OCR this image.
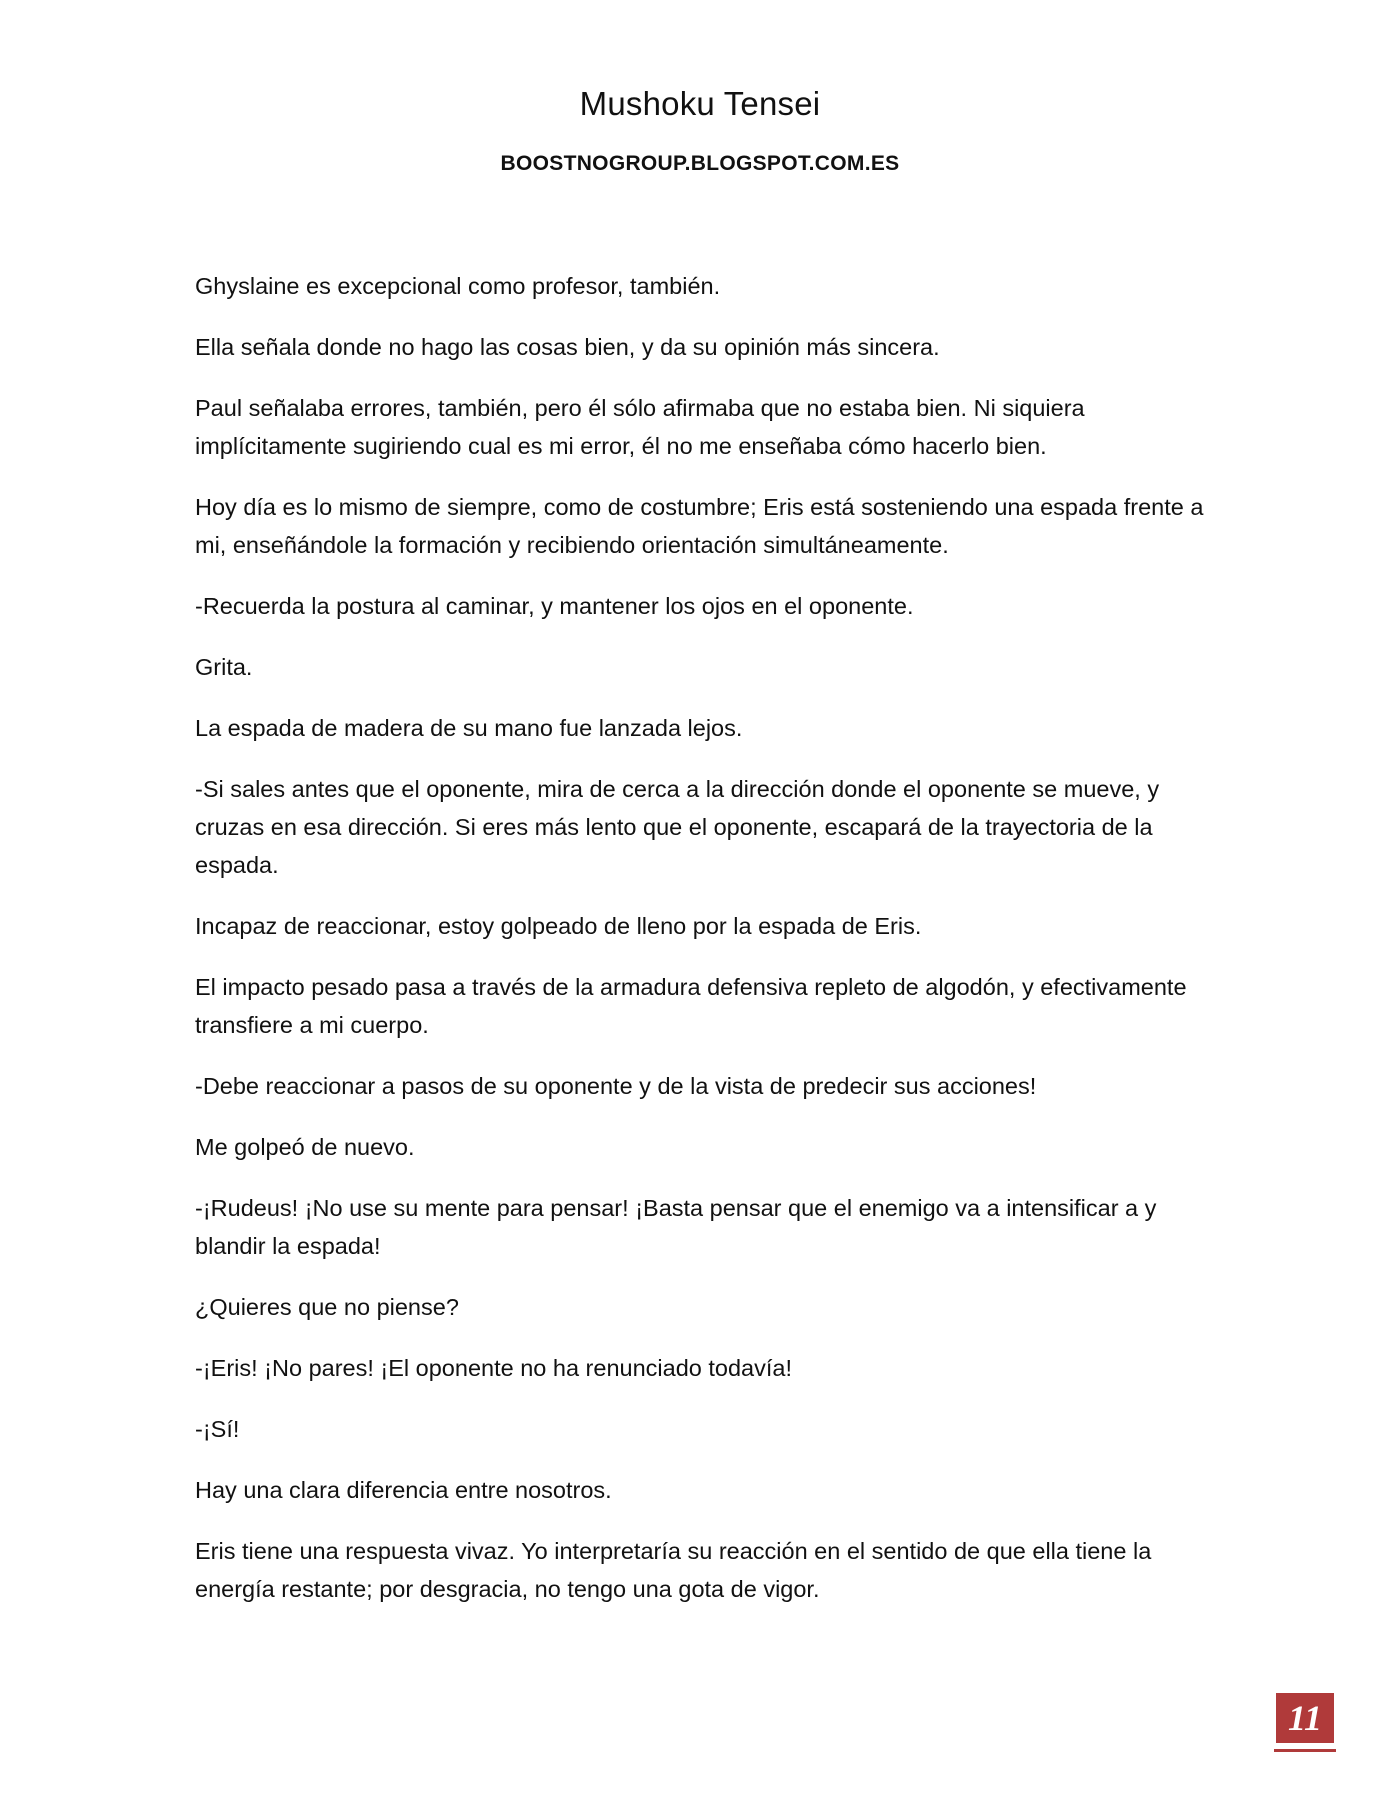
Mushoku Tensei
BOOSTNOGROUP.BLOGSPOT.COM.ES

Ghyslaine es excepcional como profesor, también.

Ella señala donde no hago las cosas bien, y da su opinión más sincera.

Paul señalaba errores, también, pero él sólo afirmaba que no estaba bien. Ni siquiera implícitamente sugiriendo cual es mi error, él no me enseñaba cómo hacerlo bien.

Hoy día es lo mismo de siempre, como de costumbre; Eris está sosteniendo una espada frente a mi, enseñándole la formación y recibiendo orientación simultáneamente.

-Recuerda la postura al caminar, y mantener los ojos en el oponente.

Grita.

La espada de madera de su mano fue lanzada lejos.

-Si sales antes que el oponente, mira de cerca a la dirección donde el oponente se mueve, y cruzas en esa dirección. Si eres más lento que el oponente, escapará de la trayectoria de la espada.

Incapaz de reaccionar, estoy golpeado de lleno por la espada de Eris.

El impacto pesado pasa a través de la armadura defensiva repleto de algodón, y efectivamente transfiere a mi cuerpo.

-Debe reaccionar a pasos de su oponente y de la vista de predecir sus acciones!

Me golpeó de nuevo.

-¡Rudeus! ¡No use su mente para pensar! ¡Basta pensar que el enemigo va a intensificar a y blandir la espada!

¿Quieres que no piense?

-¡Eris! ¡No pares! ¡El oponente no ha renunciado todavía!

-¡Sí!

Hay una clara diferencia entre nosotros.

Eris tiene una respuesta vivaz. Yo interpretaría su reacción en el sentido de que ella tiene la energía restante; por desgracia, no tengo una gota de vigor.

11
